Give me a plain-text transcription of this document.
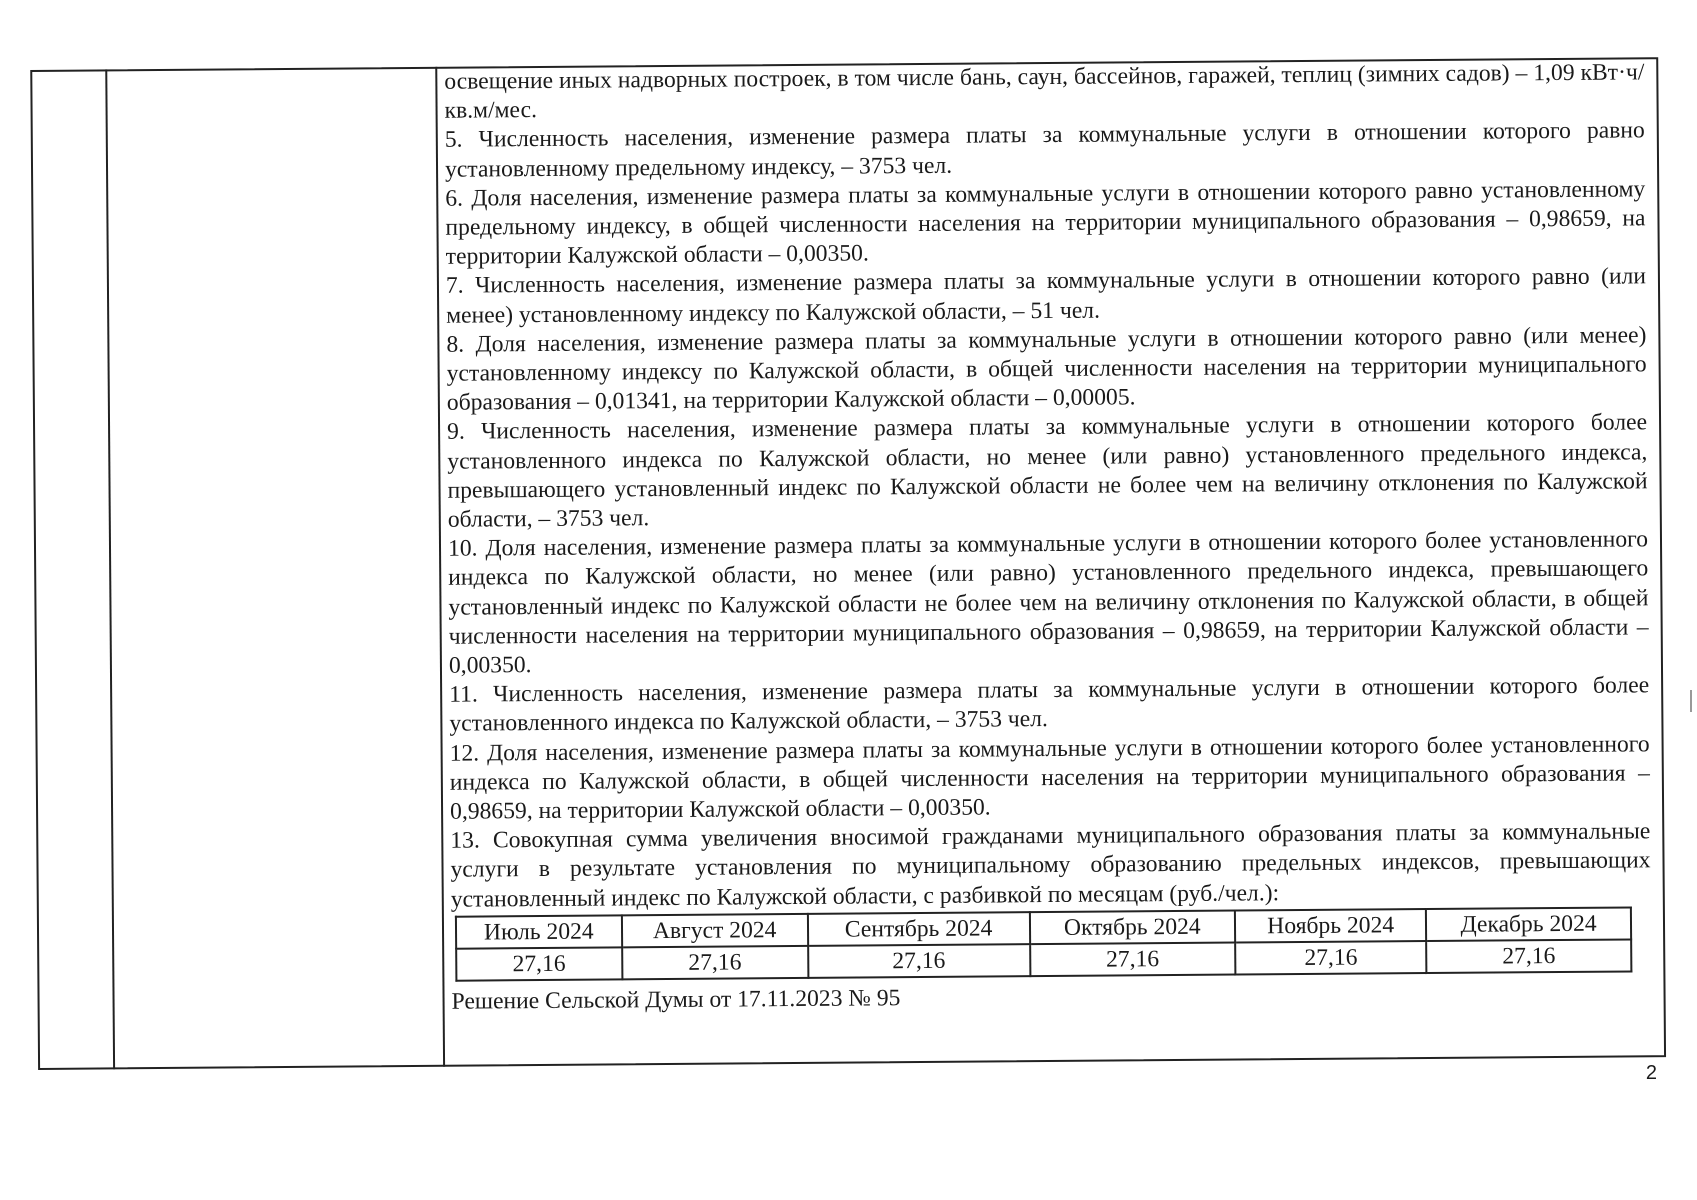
освещение иных надворных построек, в том числе бань, саун, бассейнов, гаражей, теплиц (зимних садов) – 1,09 кВт·ч/кв.м/мес.

5. Численность населения, изменение размера платы за коммунальные услуги в отношении которого равно установленному предельному индексу, – 3753 чел.

6. Доля населения, изменение размера платы за коммунальные услуги в отношении которого равно установленному предельному индексу, в общей численности населения на территории муниципального образования – 0,98659, на территории Калужской области – 0,00350.

7. Численность населения, изменение размера платы за коммунальные услуги в отношении которого равно (или менее) установленному индексу по Калужской области, – 51 чел.

8. Доля населения, изменение размера платы за коммунальные услуги в отношении которого равно (или менее) установленному индексу по Калужской области, в общей численности населения на территории муниципального образования – 0,01341, на территории Калужской области – 0,00005.

9. Численность населения, изменение размера платы за коммунальные услуги в отношении которого более установленного индекса по Калужской области, но менее (или равно) установленного предельного индекса, превышающего установленный индекс по Калужской области не более чем на величину отклонения по Калужской области, – 3753 чел.

10. Доля населения, изменение размера платы за коммунальные услуги в отношении которого более установленного индекса по Калужской области, но менее (или равно) установленного предельного индекса, превышающего установленный индекс по Калужской области не более чем на величину отклонения по Калужской области, в общей численности населения на территории муниципального образования – 0,98659, на территории Калужской области – 0,00350.

11. Численность населения, изменение размера платы за коммунальные услуги в отношении которого более установленного индекса по Калужской области, – 3753 чел.

12. Доля населения, изменение размера платы за коммунальные услуги в отношении которого более установленного индекса по Калужской области, в общей численности населения на территории муниципального образования – 0,98659, на территории Калужской области – 0,00350.

13. Совокупная сумма увеличения вносимой гражданами муниципального образования платы за коммунальные услуги в результате установления по муниципальному образованию предельных индексов, превышающих установленный индекс по Калужской области, с разбивкой по месяцам (руб./чел.):

Июль 2024	Август 2024	Сентябрь 2024	Октябрь 2024	Ноябрь 2024	Декабрь 2024
27,16	27,16	27,16	27,16	27,16	27,16
Решение Сельской Думы от 17.11.2023 № 95
2
